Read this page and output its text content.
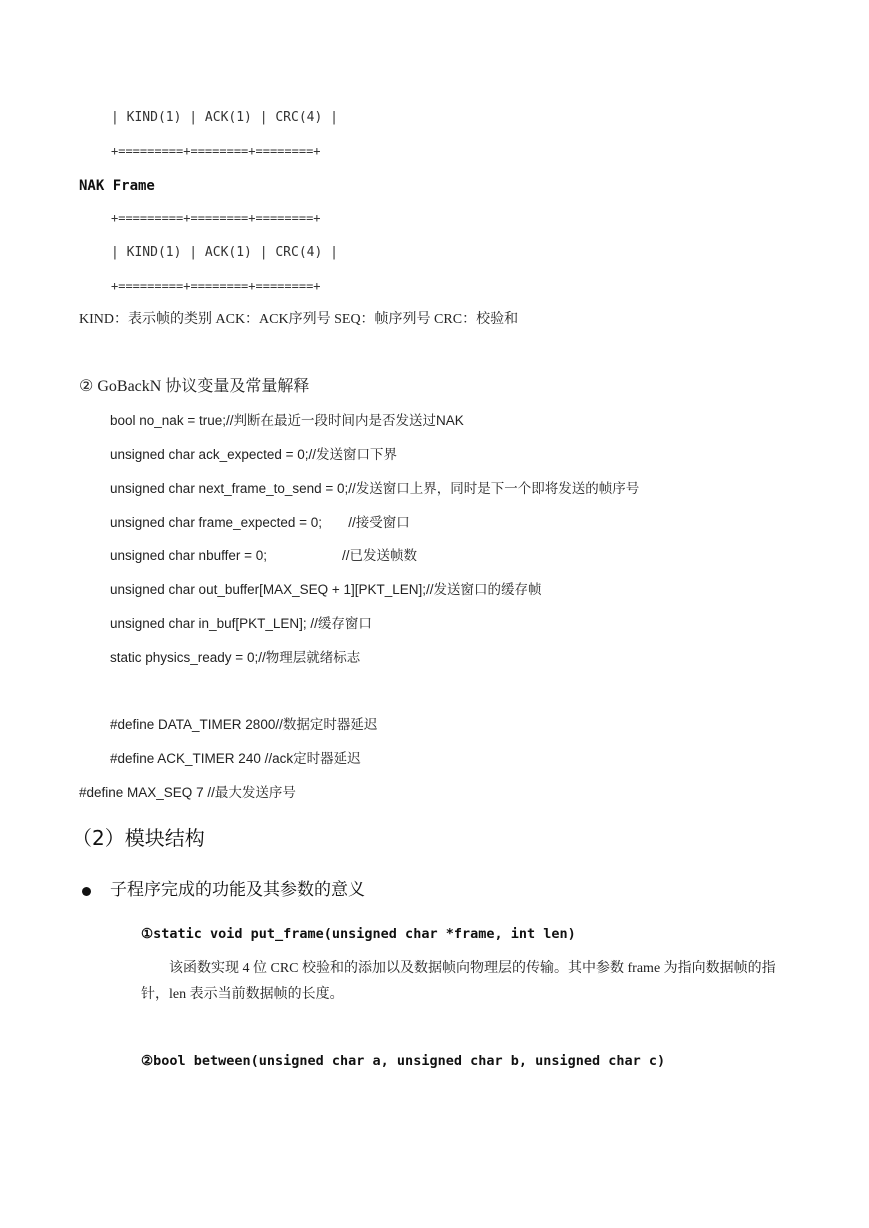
| KIND(1) | ACK(1) | CRC(4) |
+=========+========+========+
NAK Frame
+=========+========+========+
| KIND(1) | ACK(1) | CRC(4) |
+=========+========+========+
KIND：表示帧的类别 ACK：ACK序列号 SEQ：帧序列号 CRC：校验和
② GoBackN 协议变量及常量解释
bool no_nak = true;//判断在最近一段时间内是否发送过NAK
unsigned char ack_expected = 0;//发送窗口下界
unsigned char next_frame_to_send = 0;//发送窗口上界，同时是下一个即将发送的帧序号
unsigned char frame_expected = 0;       //接受窗口
unsigned char nbuffer = 0;                    //已发送帧数
unsigned char out_buffer[MAX_SEQ + 1][PKT_LEN];//发送窗口的缓存帧
unsigned char in_buf[PKT_LEN]; //缓存窗口
static physics_ready = 0;//物理层就绪标志
#define DATA_TIMER 2800//数据定时器延迟
#define ACK_TIMER 240 //ack定时器延迟
#define MAX_SEQ 7 //最大发送序号
（2）模块结构
子程序完成的功能及其参数的意义
①static void put_frame(unsigned char *frame, int len)
该函数实现 4 位 CRC 校验和的添加以及数据帧向物理层的传输。其中参数 frame 为指向数据帧的指针，len 表示当前数据帧的长度。
②bool between(unsigned char a, unsigned char b, unsigned char c)
